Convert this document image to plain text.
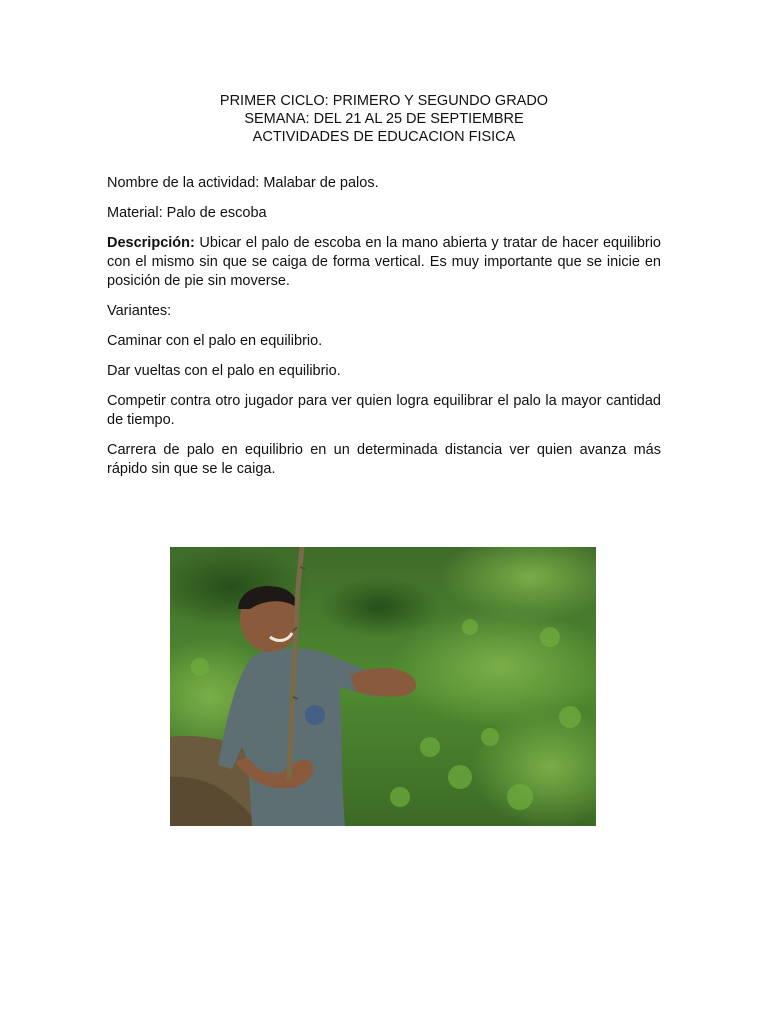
PRIMER CICLO: PRIMERO Y SEGUNDO GRADO
SEMANA: DEL 21 AL 25 DE SEPTIEMBRE
ACTIVIDADES DE EDUCACION FISICA

Nombre de la actividad: Malabar de palos.

Material: Palo de escoba

Descripción: Ubicar el palo de escoba en la mano abierta y tratar de hacer equilibrio con el mismo sin que se caiga de forma vertical. Es muy importante que se inicie en posición de pie sin moverse.

Variantes:

Caminar con el palo en equilibrio.

Dar vueltas con el palo en equilibrio.

Competir contra otro jugador para ver quien logra equilibrar el palo la mayor cantidad de tiempo.

Carrera de palo en equilibrio en un determinada distancia ver quien avanza más rápido sin que se le caiga.
